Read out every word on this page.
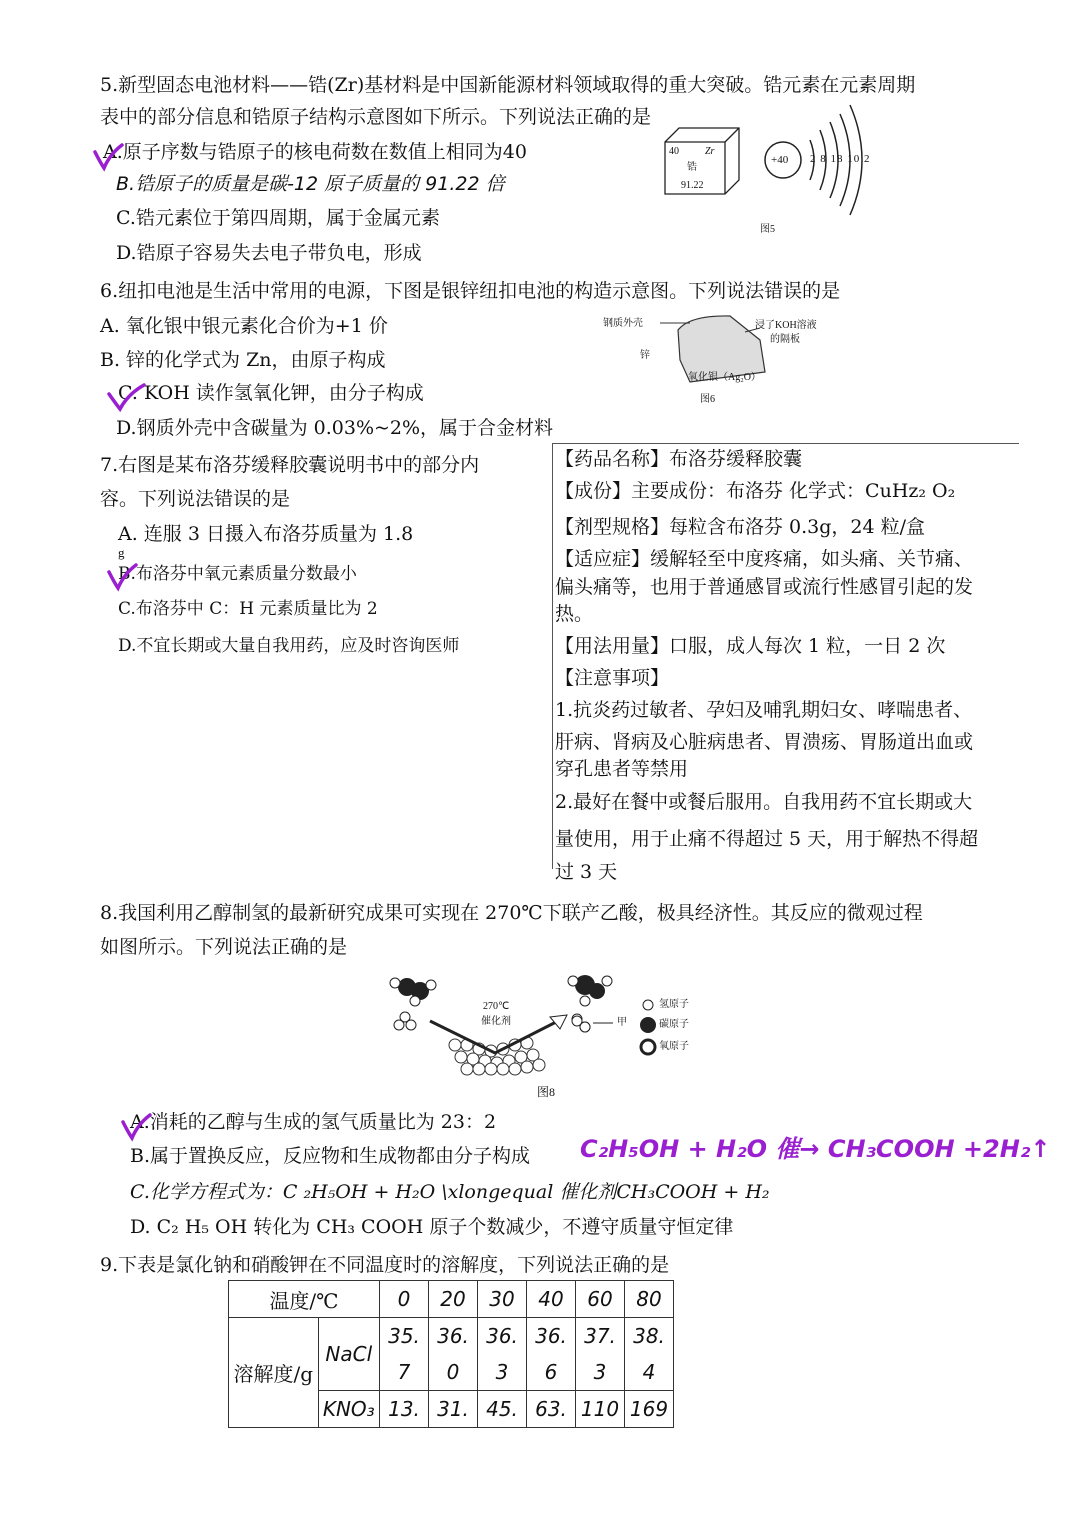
5.新型固态电池材料——锆(Zr)基材料是中国新能源材料领域取得的重大突破。锆元素在元素周期
表中的部分信息和锆原子结构示意图如下所示。下列说法正确的是
A.原子序数与锆原子的核电荷数在数值上相同为40
B.锆原子的质量是碳-12 原子质量的 91.22 倍
C.锆元素位于第四周期，属于金属元素
D.锆原子容易失去电子带负电，形成
40	Zr
锆
91.22
+40 2 8 18 10 2
图5
6.纽扣电池是生活中常用的电源，下图是银锌纽扣电池的构造示意图。下列说法错误的是
A. 氧化银中银元素化合价为+1 价
B. 锌的化学式为 Zn，由原子构成
C. KOH 读作氢氧化钾，由分子构成
D.钢质外壳中含碳量为 0.03%~2%，属于合金材料
钢质外壳	浸了KOH溶液
的隔板
锌
氧化银（Ag₂O）
图6
7.右图是某布洛芬缓释胶囊说明书中的部分内
容。下列说法错误的是
A. 连服 3 日摄入布洛芬质量为 1.8
g
B.布洛芬中氧元素质量分数最小
C.布洛芬中 C：H 元素质量比为 2
D.不宜长期或大量自我用药，应及时咨询医师
【药品名称】布洛芬缓释胶囊
【成份】主要成份：布洛芬 化学式：CuHz₂ O₂
【剂型规格】每粒含布洛芬 0.3g，24 粒/盒
【适应症】缓解轻至中度疼痛，如头痛、关节痛、
偏头痛等，也用于普通感冒或流行性感冒引起的发
热。
【用法用量】口服，成人每次 1 粒，一日 2 次
【注意事项】
1.抗炎药过敏者、孕妇及哺乳期妇女、哮喘患者、
肝病、肾病及心脏病患者、胃溃疡、胃肠道出血或
穿孔患者等禁用
2.最好在餐中或餐后服用。自我用药不宜长期或大
量使用，用于止痛不得超过 5 天，用于解热不得超
过 3 天
8.我国利用乙醇制氢的最新研究成果可实现在 270℃下联产乙酸，极具经济性。其反应的微观过程
如图所示。下列说法正确的是
270℃
催化剂	甲
氢原子
碳原子
氧原子
图8
A.消耗的乙醇与生成的氢气质量比为 23：2
B.属于置换反应，反应物和生成物都由分子构成
C.化学方程式为：C ₂H₅OH + H₂O \xlongequal 催化剂CH₃COOH + H₂
D. C₂ H₅ OH 转化为 CH₃ COOH 原子个数减少，不遵守质量守恒定律
C₂H₅OH + H₂O 催→ CH₃COOH +2H₂↑
9.下表是氯化钠和硝酸钾在不同温度时的溶解度，下列说法正确的是
温度/℃		0	20	30	40	60	80
溶解度/g	NaCl	35.	36.	36.	36.	37.	38.
		7	0	3	6	3	4
	KNO₃	13.	31.	45.	63.	110	169
